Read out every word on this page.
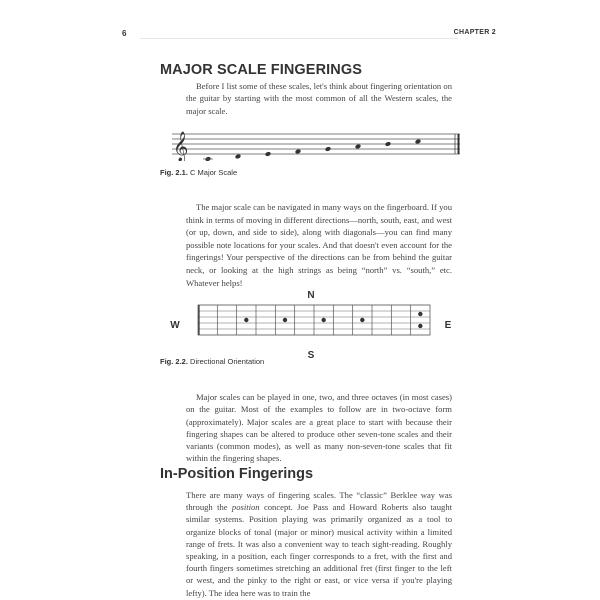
6	CHAPTER 2
MAJOR SCALE FINGERINGS

Before I list some of these scales, let's think about fingering orientation on the guitar by starting with the most common of all the Western scales, the major scale.

𝄞
Fig. 2.1. C Major Scale

The major scale can be navigated in many ways on the fingerboard. If you think in terms of moving in different directions—north, south, east, and west (or up, down, and side to side), along with diagonals—you can find many possible note locations for your scales. And that doesn't even account for the fingerings! Your perspective of the directions can be from behind the guitar neck, or looking at the high strings as being “north” vs. “south,” etc. Whatever helps!

N
S
W	E
Fig. 2.2. Directional Orientation

Major scales can be played in one, two, and three octaves (in most cases) on the guitar. Most of the examples to follow are in two-octave form (approximately). Major scales are a great place to start with because their fingering shapes can be altered to produce other seven-tone scales and their variants (common modes), as well as many non-seven-tone scales that fit within the fingering shapes.

In-Position Fingerings

There are many ways of fingering scales. The “classic” Berklee way was through the position concept. Joe Pass and Howard Roberts also taught similar systems. Position playing was primarily organized as a tool to organize blocks of tonal (major or minor) musical activity within a limited range of frets. It was also a convenient way to teach sight-reading. Roughly speaking, in a position, each finger corresponds to a fret, with the first and fourth fingers sometimes stretching an additional fret (first finger to the left or west, and the pinky to the right or east, or vice versa if you're playing lefty). The idea here was to train the
